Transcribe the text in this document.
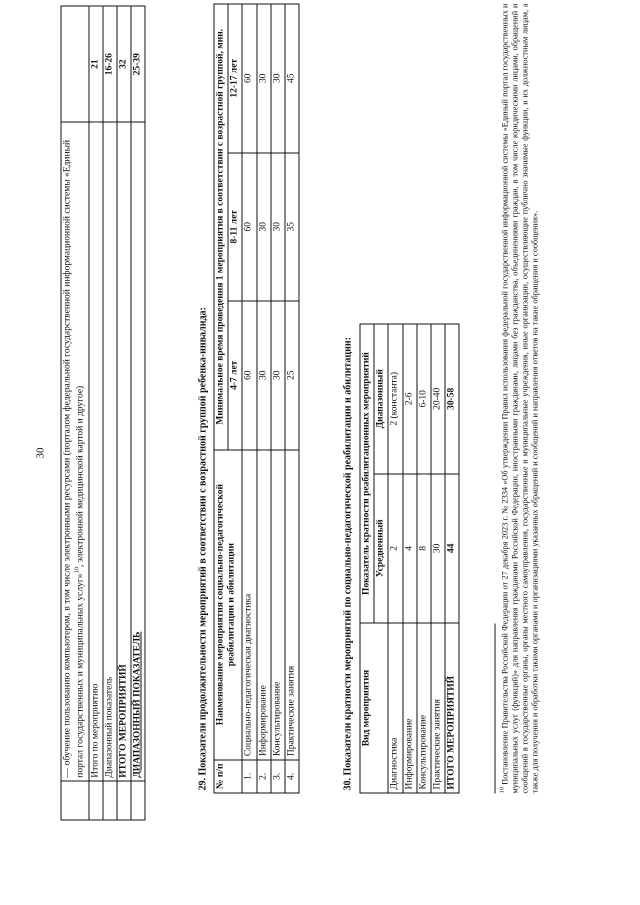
30
	— обучение пользованию компьютером, в том числе электронными ресурсами (порталом федеральной государственной информационной системы «Единый портал государственных и муниципальных услуг»$^{10}$, электронной медицинской картой и другое)	
	Итого по мероприятию	21
	Диапазонный показатель	16-26
	ИТОГО МЕРОПРИЯТИЙ	32
	ДИАПАЗОННЫЙ ПОКАЗАТЕЛЬ	25-39
29. Показатели продолжительности мероприятий в соответствии с возрастной группой ребенка-инвалида: № п/п	Наименование мероприятия социально-педагогической реабилитации и абилитации	Минимальное время проведения 1 мероприятия в соответствии с возрастной группой, мин.		
		4-7 лет	8-11 лет	12-17 лет
1.	Социально-педагогическая диагностика	60	60	60
2.	Информирование	30	30	30
3.	Консультирование	30	30	30
4.	Практические занятия	25	35	45
30. Показатели кратности мероприятий по социально-педагогической реабилитации и абилитации: Вид мероприятия	Показатель кратности реабилитационных мероприятий	
	Усредненный	Диапазонный
Диагностика	2	2 (константа)
Информирование	4	2-6
Консультирование	8	6-10
Практические занятия	30	20-40
ИТОГО МЕРОПРИЯТИЙ	44	30-58
$^{10}$ Постановление Правительства Российской Федерации от 27 декабря 2023 г. № 2334 «Об утверждении Правил использования федеральной государственной информационной системы «Единый портал государственных и муниципальных услуг (функций)» для направления гражданами Российской Федерации, иностранными гражданами, лицами без гражданства, объединениями граждан, в том числе юридическими лицами, обращений и сообщений в государственные органы, органы местного самоуправления, государственные и муниципальные учреждения, иные организации, осуществляющие публично значимые функции, и их должностным лицам, а также для получения и обработки такими органами и организациями указанных обращений и сообщений и направления ответов на такие обращения и сообщения».
